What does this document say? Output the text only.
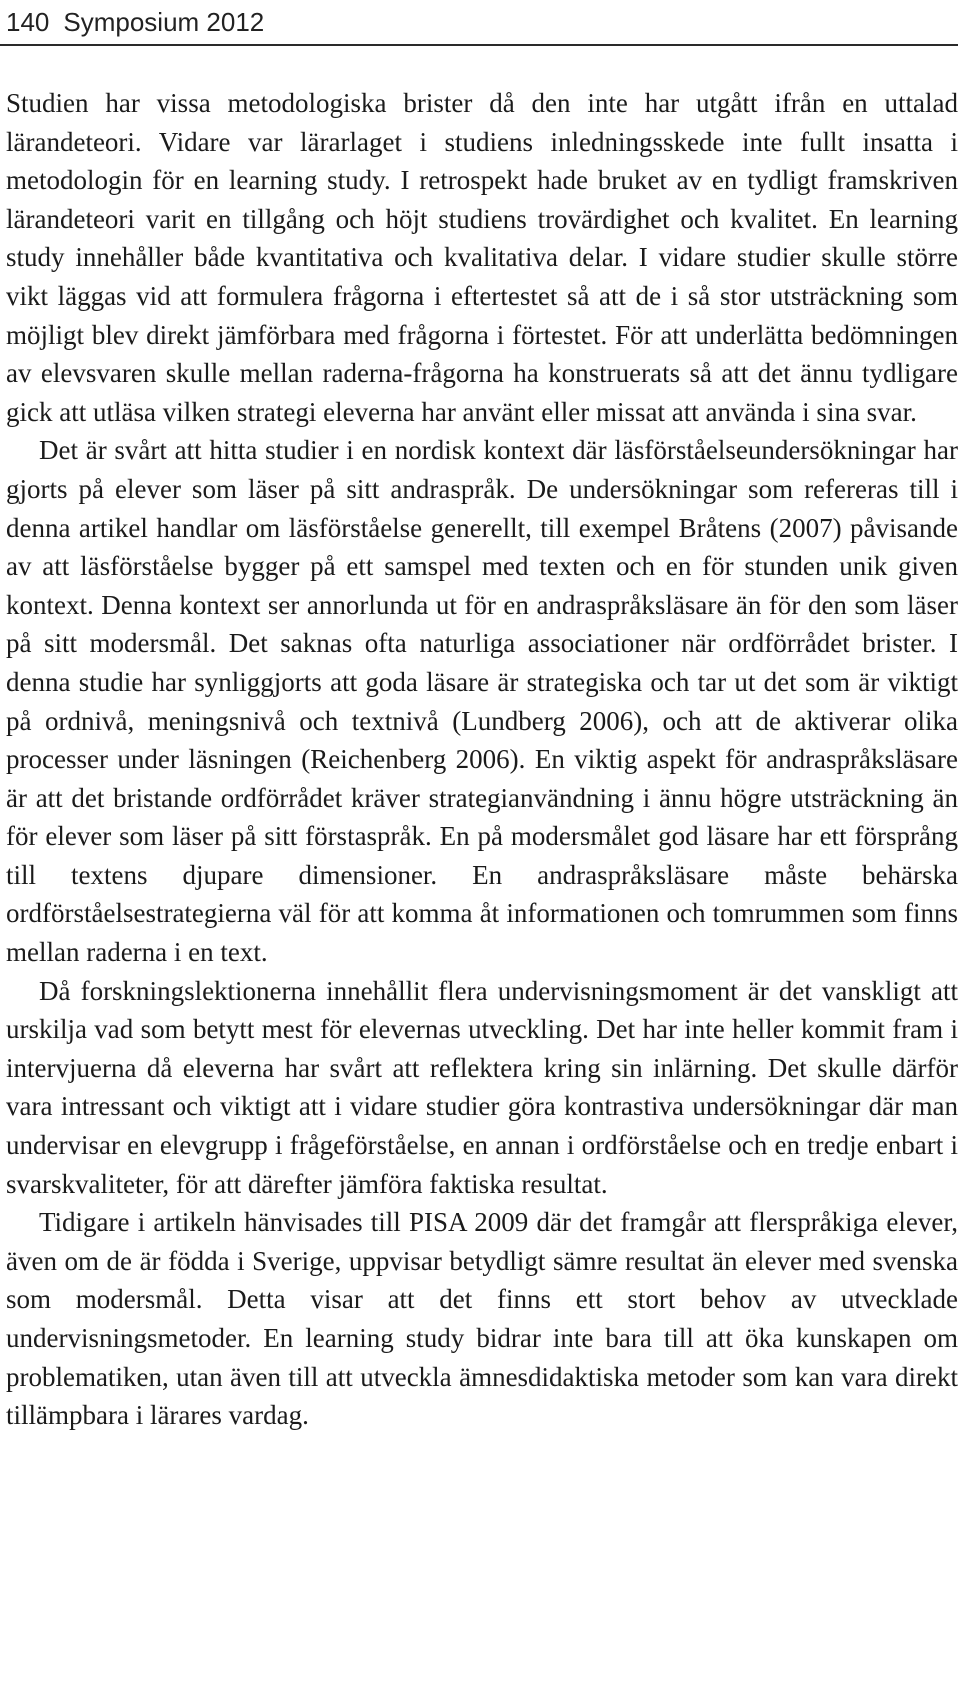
140 Symposium 2012

Studien har vissa metodologiska brister då den inte har utgått ifrån en uttalad lärandeteori. Vidare var lärarlaget i studiens inledningsskede inte fullt insatta i metodologin för en learning study. I retrospekt hade bruket av en tydligt framskriven lärandeteori varit en tillgång och höjt studiens trovärdighet och kvalitet. En learning study innehåller både kvantitativa och kvalitativa delar. I vidare studier skulle större vikt läggas vid att formulera frågorna i eftertestet så att de i så stor utsträckning som möjligt blev direkt jämförbara med frågorna i förtestet. För att underlätta bedömningen av elevsvaren skulle mellan raderna-frågorna ha konstruerats så att det ännu tydligare gick att utläsa vilken strategi eleverna har använt eller missat att använda i sina svar.

Det är svårt att hitta studier i en nordisk kontext där läsförståelseundersökningar har gjorts på elever som läser på sitt andraspråk. De undersökningar som refereras till i denna artikel handlar om läsförståelse generellt, till exempel Bråtens (2007) påvisande av att läsförståelse bygger på ett samspel med texten och en för stunden unik given kontext. Denna kontext ser annorlunda ut för en andraspråksläsare än för den som läser på sitt modersmål. Det saknas ofta naturliga associationer när ordförrådet brister. I denna studie har synliggjorts att goda läsare är strategiska och tar ut det som är viktigt på ordnivå, meningsnivå och textnivå (Lundberg 2006), och att de aktiverar olika processer under läsningen (Reichenberg 2006). En viktig aspekt för andraspråksläsare är att det bristande ordförrådet kräver strategianvändning i ännu högre utsträckning än för elever som läser på sitt förstaspråk. En på modersmålet god läsare har ett försprång till textens djupare dimensioner. En andraspråksläsare måste behärska ordförståelsestrategierna väl för att komma åt informationen och tomrummen som finns mellan raderna i en text.

Då forskningslektionerna innehållit flera undervisningsmoment är det vanskligt att urskilja vad som betytt mest för elevernas utveckling. Det har inte heller kommit fram i intervjuerna då eleverna har svårt att reflektera kring sin inlärning. Det skulle därför vara intressant och viktigt att i vidare studier göra kontrastiva undersökningar där man undervisar en elevgrupp i frågeförståelse, en annan i ordförståelse och en tredje enbart i svarskvaliteter, för att därefter jämföra faktiska resultat.

Tidigare i artikeln hänvisades till PISA 2009 där det framgår att flerspråkiga elever, även om de är födda i Sverige, uppvisar betydligt sämre resultat än elever med svenska som modersmål. Detta visar att det finns ett stort behov av utvecklade undervisningsmetoder. En learning study bidrar inte bara till att öka kunskapen om problematiken, utan även till att utveckla ämnesdidaktiska metoder som kan vara direkt tillämpbara i lärares vardag.
